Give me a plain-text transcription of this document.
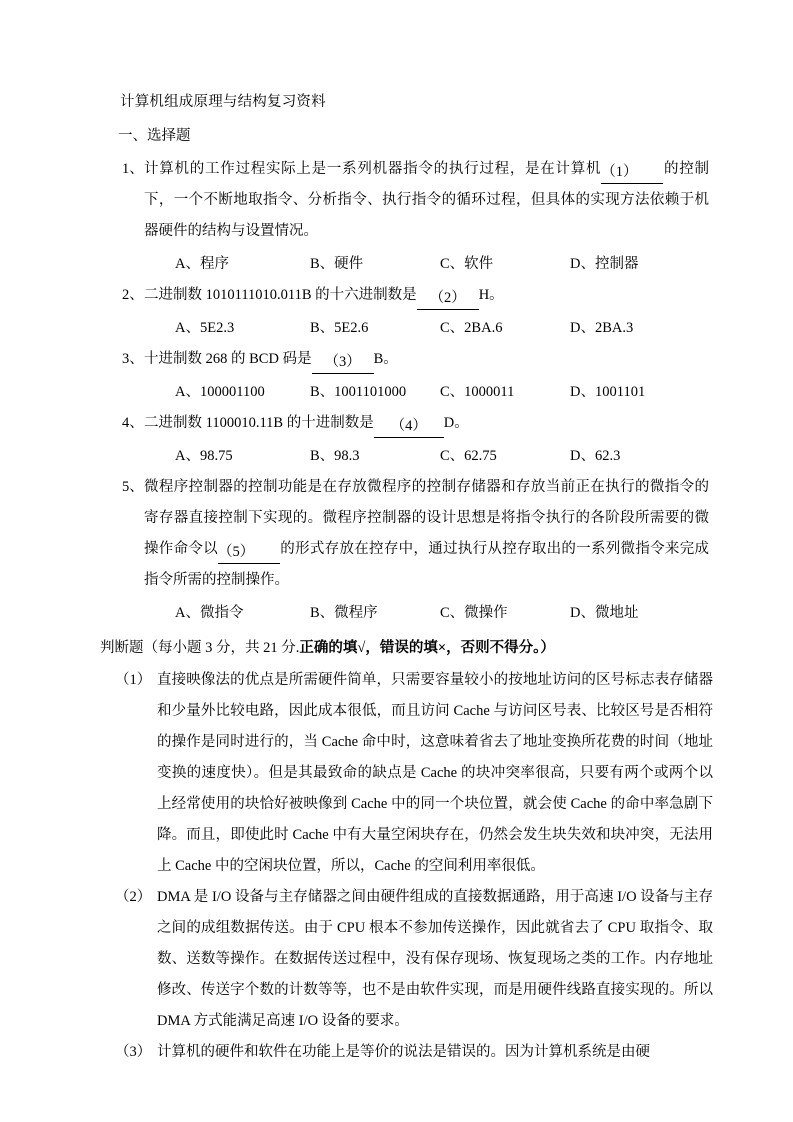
计算机组成原理与结构复习资料
一、选择题
1、 计算机的工作过程实际上是一系列机器指令的执行过程，是在计算机（1） 的控制下，一个不断地取指令、分析指令、执行指令的循环过程，但具体的实现方法依赖于机器硬件的结构与设置情况。
A、程序	B、硬件	C、软件	D、控制器
2、 二进制数 1010111010.011B 的十六进制数是 （2） H。
A、5E2.3	B、5E2.6	C、2BA.6	D、2BA.3
3、 十进制数 268 的 BCD 码是 （3） B。
A、100001100	B、1001101000 C、1000011	D、1001101
4、 二进制数 1100010.11B 的十进制数是 （4） D。
A、98.75	B、98.3	C、62.75	D、62.3
5、 微程序控制器的控制功能是在存放微程序的控制存储器和存放当前正在执行的微指令的寄存器直接控制下实现的。微程序控制器的设计思想是将指令执行的各阶段所需要的微操作命令以（5） 的形式存放在控存中，通过执行从控存取出的一系列微指令来完成指令所需的控制操作。
A、微指令	B、微程序	C、微操作	D、微地址
判断题（每小题 3 分，共 21 分.正确的填√，错误的填×，否则不得分。）
（1） 直接映像法的优点是所需硬件简单，只需要容量较小的按地址访问的区号标志表存储器和少量外比较电路，因此成本很低，而且访问 Cache 与访问区号表、比较区号是否相符的操作是同时进行的，当 Cache 命中时，这意味着省去了地址变换所花费的时间（地址变换的速度快）。但是其最致命的缺点是 Cache 的块冲突率很高，只要有两个或两个以上经常使用的块恰好被映像到 Cache 中的同一个块位置，就会使 Cache 的命中率急剧下降。而且，即使此时 Cache 中有大量空闲块存在，仍然会发生块失效和块冲突，无法用上 Cache 中的空闲块位置，所以，Cache 的空间利用率很低。
（2） DMA 是 I/O 设备与主存储器之间由硬件组成的直接数据通路，用于高速 I/O 设备与主存之间的成组数据传送。由于 CPU 根本不参加传送操作，因此就省去了 CPU 取指令、取数、送数等操作。在数据传送过程中，没有保存现场、恢复现场之类的工作。内存地址修改、传送字个数的计数等等，也不是由软件实现，而是用硬件线路直接实现的。所以 DMA 方式能满足高速 I/O 设备的要求。
（3） 计算机的硬件和软件在功能上是等价的说法是错误的。因为计算机系统是由硬
